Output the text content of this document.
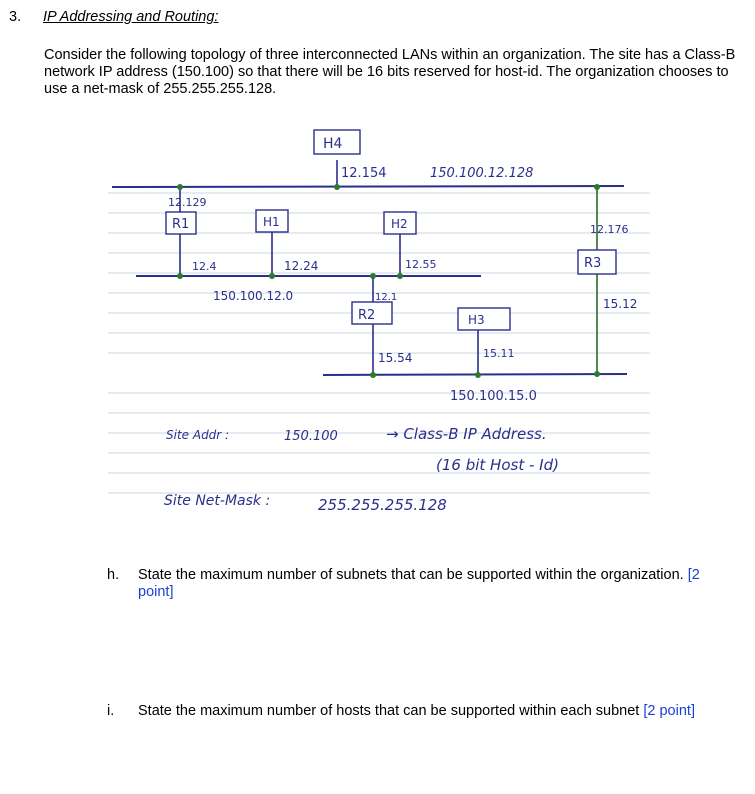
3. IP Addressing and Routing:

Consider the following topology of three interconnected LANs within an organization. The site has a Class-B network IP address (150.100) so that there will be 16 bits reserved for host-id. The organization chooses to use a net-mask of 255.255.255.128.

H4
12.154	150.100.12.128
12.129
R1	H1	H2	12.176
R3
12.4	12.24	12.55
150.100.12.0	12.1
R2	H3
15.12
15.54	15.11
150.100.15.0
Site Addr :	150.100	→ Class-B IP Address.
(16 bit Host - Id)
Site Net-Mask :	255.255.255.128
h. State the maximum number of subnets that can be supported within the organization. [2 point]
i. State the maximum number of hosts that can be supported within each subnet [2 point]
